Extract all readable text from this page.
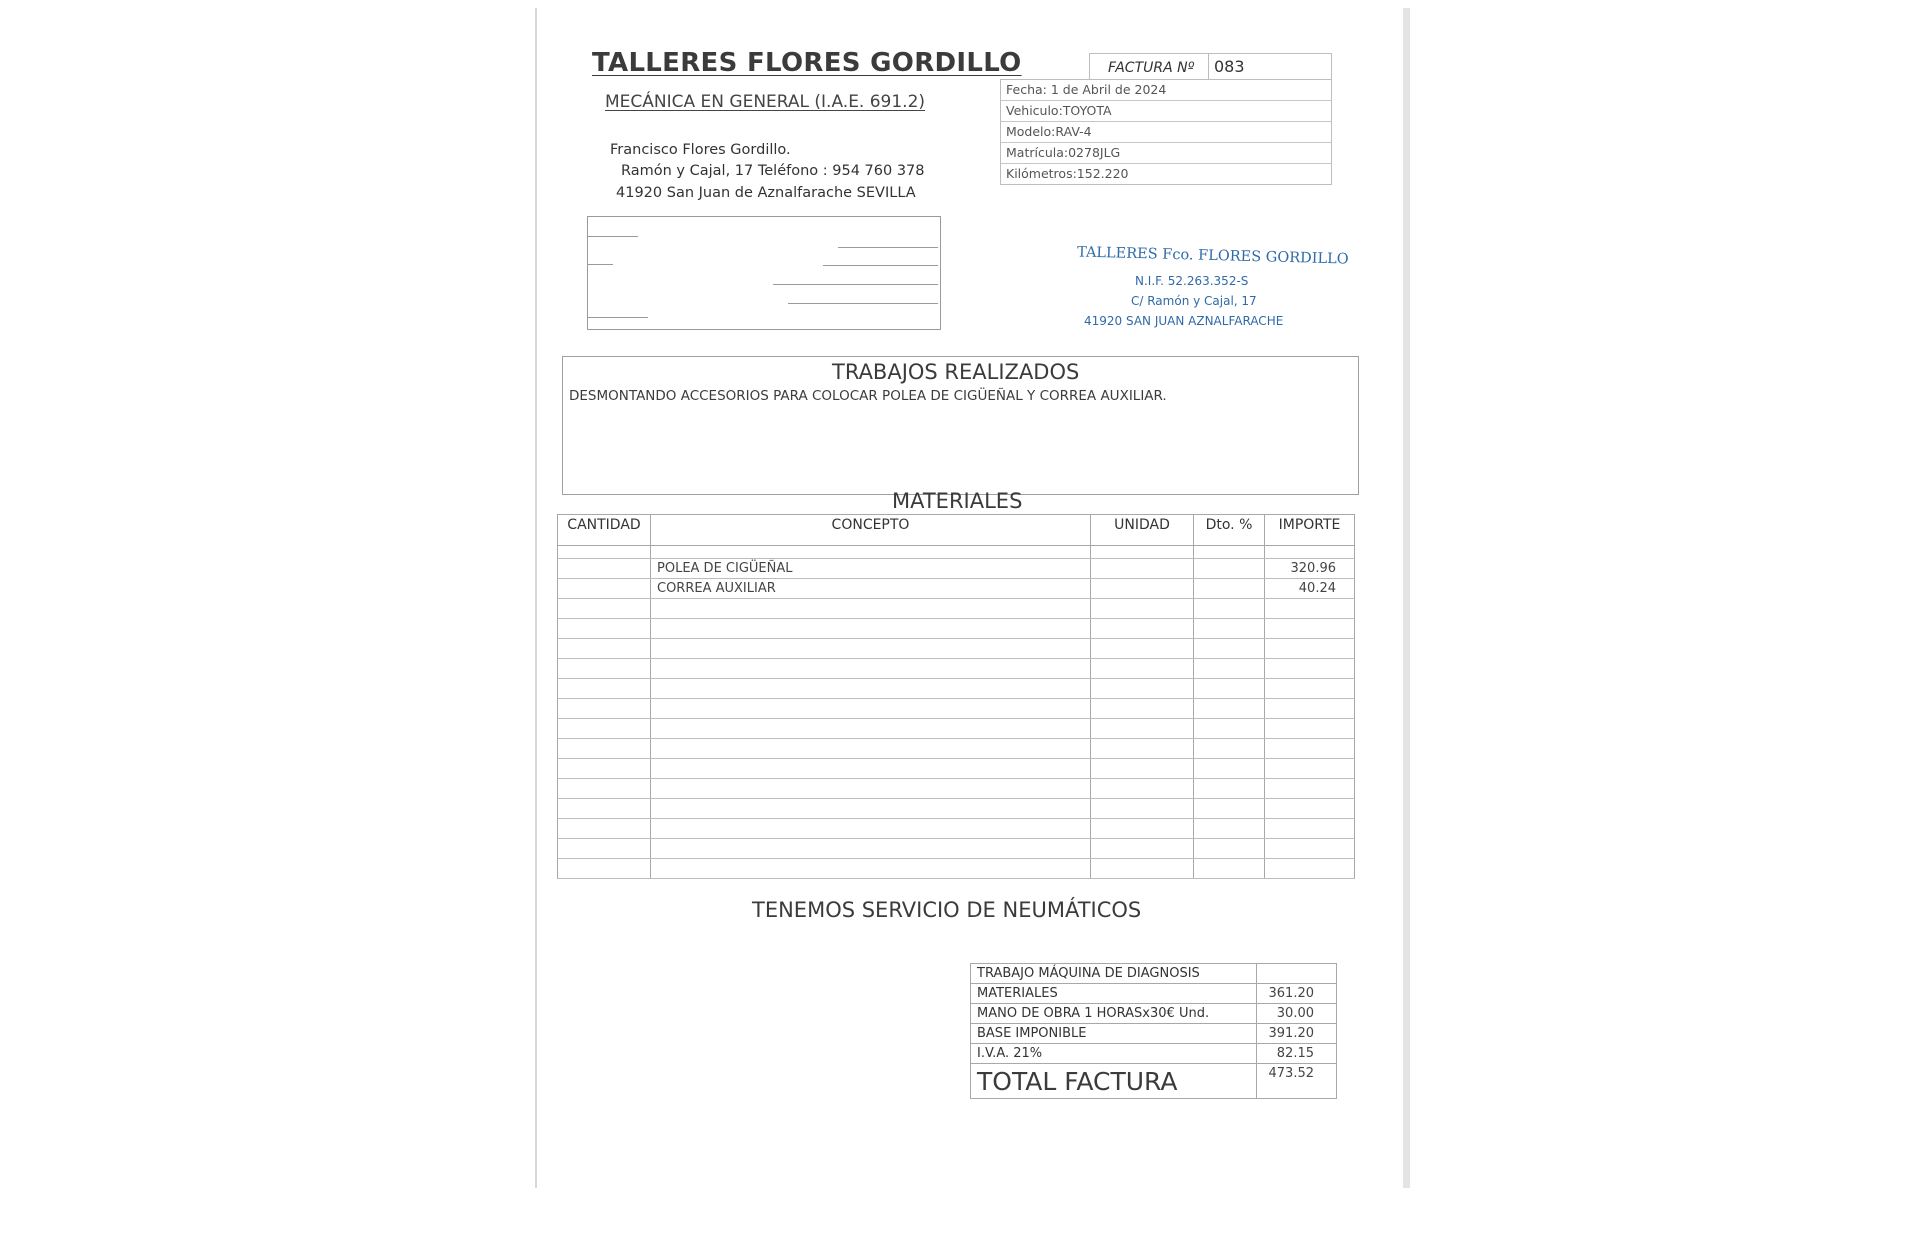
TALLERES FLORES GORDILLO
MECÁNICA EN GENERAL (I.A.E. 691.2)
Francisco Flores Gordillo.
Ramón y Cajal, 17 Teléfono : 954 760 378
41920 San Juan de Aznalfarache SEVILLA
FACTURA Nº 083
Fecha: 1 de Abril de 2024
Vehiculo:TOYOTA
Modelo:RAV-4
Matrícula:0278JLG
Kilómetros:152.220
TALLERES Fco. FLORES GORDILLO
N.I.F. 52.263.352-S
C/ Ramón y Cajal, 17
41920 SAN JUAN AZNALFARACHE
TRABAJOS REALIZADOS
DESMONTANDO ACCESORIOS PARA COLOCAR POLEA DE CIGÜEÑAL Y CORREA AUXILIAR.
MATERIALES
CANTIDAD	CONCEPTO	UNIDAD	Dto. %	IMPORTE

	POLEA DE CIGÜEÑAL			320.96
	CORREA AUXILIAR			40.24

TENEMOS SERVICIO DE NEUMÁTICOS
TRABAJO MÁQUINA DE DIAGNOSIS	
MATERIALES	361.20
MANO DE OBRA 1 HORASx30€ Und.	30.00
BASE IMPONIBLE	391.20
I.V.A. 21%	82.15
TOTAL FACTURA	473.52
